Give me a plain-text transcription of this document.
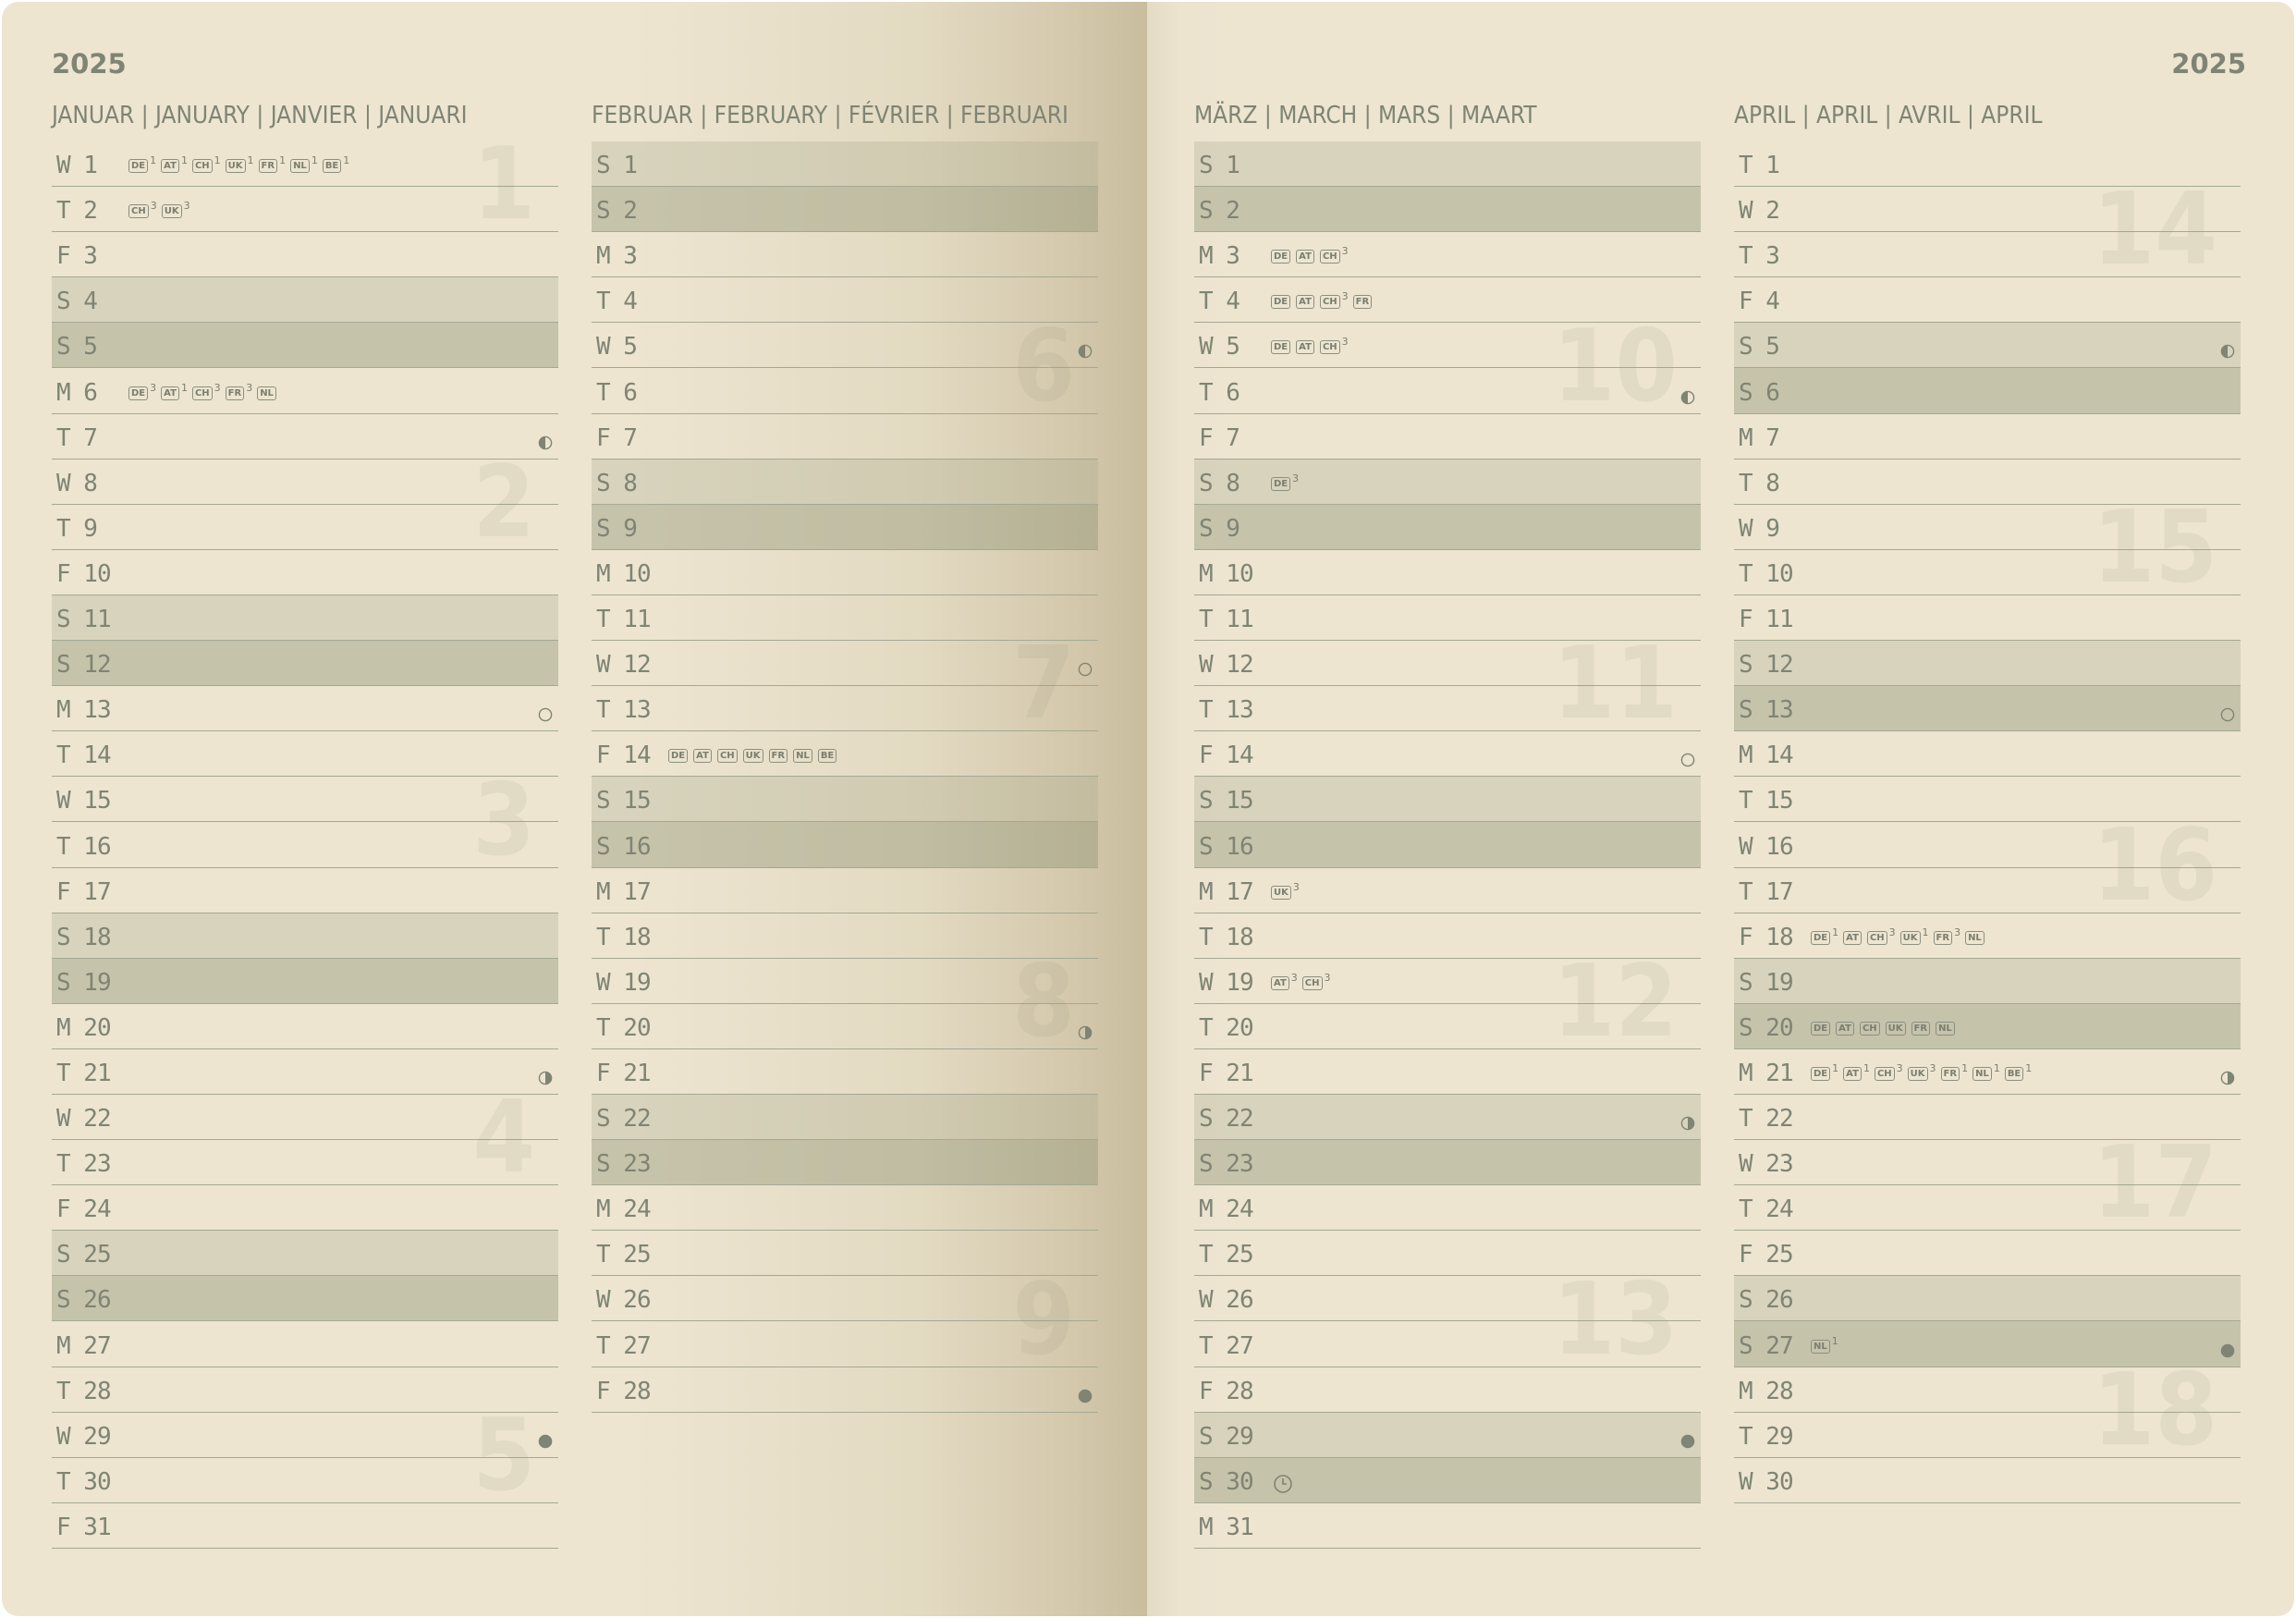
2025
JANUAR | JANUARY | JANVIER | JANUARI
W 1	DE 1 AT 1 CH 1 UK 1 FR 1 NL 1 BE 1
T 2	CH 3 UK 3
F 3
S 4
S 5
M 6	DE 3 AT 1 CH 3 FR 3 NL
T 7
W 8
T 9
F 10
S 11
S 12
M 13
T 14
W 15
T 16
F 17
S 18
S 19
M 20
T 21
W 22
T 23
F 24
S 25
S 26
M 27
T 28
W 29
T 30
F 31
1
2
3
4
5
FEBRUAR | FEBRUARY | FÉVRIER | FEBRUARI
S 1
S 2
M 3
T 4
W 5
T 6
F 7
S 8
S 9
M 10
T 11
W 12
T 13
F 14	DE	AT	CH	UK	FR	NL	BE
S 15
S 16
M 17
T 18
W 19
T 20
F 21
S 22
S 23
M 24
T 25
W 26
T 27
F 28
6
7
8
9
2025
MÄRZ | MARCH | MARS | MAART
S 1
S 2
M 3	DE	AT	CH 3
T 4	DE	AT	CH 3 FR
W 5	DE	AT	CH 3
T 6
F 7
S 8	DE 3
S 9
M 10
T 11
W 12
T 13
F 14
S 15
S 16
M 17	UK 3
T 18
W 19	AT 3 CH 3
T 20
F 21
S 22
S 23
M 24
T 25
W 26
T 27
F 28
S 29
S 30
M 31
10
11
12
13
APRIL | APRIL | AVRIL | APRIL
T 1
W 2
T 3
F 4
S 5
S 6
M 7
T 8
W 9
T 10
F 11
S 12
S 13
M 14
T 15
W 16
T 17
F 18	DE 1 AT	CH 3 UK 1 FR 3 NL
S 19
S 20	DE	AT	CH	UK	FR	NL
M 21	DE 1 AT 1 CH 3 UK 3 FR 1 NL 1 BE 1
T 22
W 23
T 24
F 25
S 26
S 27	NL 1
M 28
T 29
W 30
14
15
16
17
18
